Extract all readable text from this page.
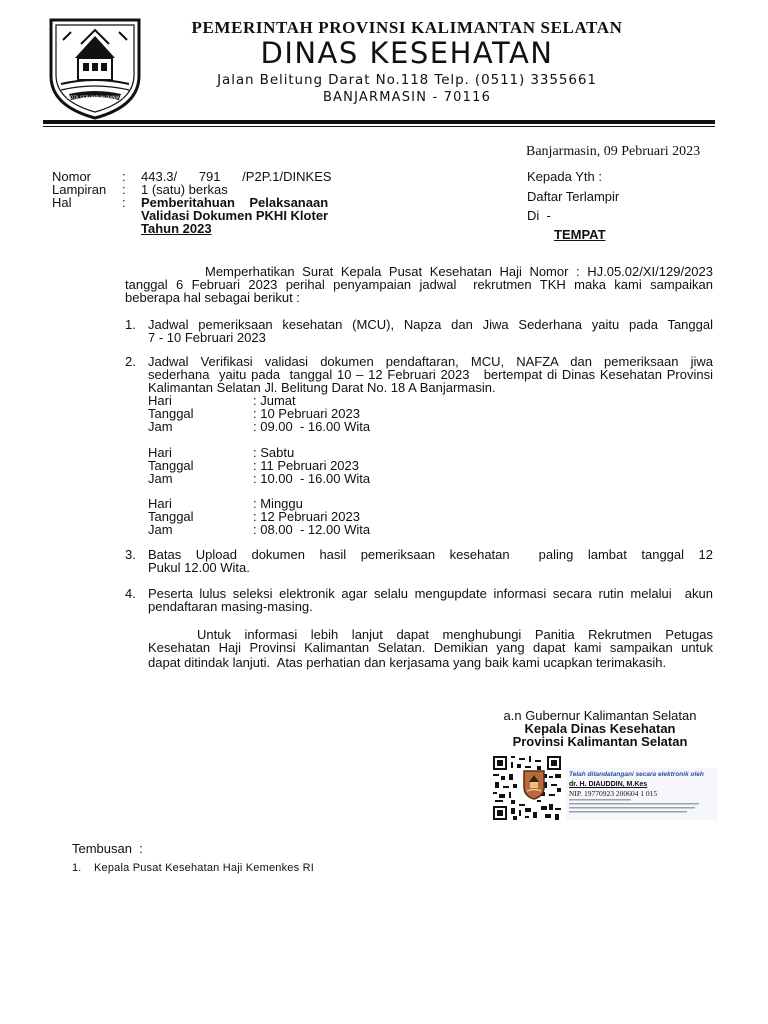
KOTA SERUMPUN BANJAR
PEMERINTAH PROVINSI KALIMANTAN SELATAN
DINAS KESEHATAN
Jalan Belitung Darat No.118 Telp. (0511) 3355661
BANJARMASIN - 70116
Banjarmasin, 09 Pebruari 2023
Nomor : 443.3/      791      /P2P.1/DINKES
Lampiran : 1 (satu) berkas
Hal	: Pemberitahuan    Pelaksanaan
Validasi Dokumen PKHI Kloter
Tahun 2023
Kepada Yth :
Daftar Terlampir
Di  -
TEMPAT
Memperhatikan Surat Kepala Pusat Kesehatan Haji Nomor : HJ.05.02/XI/129/2023
tanggal 6 Februari 2023 perihal penyampaian jadwal  rekrutmen TKH maka kami sampaikan
beberapa hal sebagai berikut :
1. Jadwal pemeriksaan kesehatan (MCU), Napza dan Jiwa Sederhana yaitu pada Tanggal
7 - 10 Februari 2023
2. Jadwal Verifikasi validasi dokumen pendaftaran, MCU, NAFZA dan pemeriksaan jiwa
sederhana  yaitu pada  tanggal 10 – 12 Februari 2023   bertempat di Dinas Kesehatan Provinsi
Kalimantan Selatan Jl. Belitung Darat No. 18 A Banjarmasin.
Hari	: Jumat
Tanggal	: 10 Pebruari 2023
Jam	: 09.00  - 16.00 Wita
Hari	: Sabtu
Tanggal	: 11 Pebruari 2023
Jam	: 10.00  - 16.00 Wita
Hari	: Minggu
Tanggal	: 12 Pebruari 2023
Jam	: 08.00  - 12.00 Wita
3. Batas  Upload  dokumen  hasil  pemeriksaan  kesehatan    paling  lambat  tanggal  12
Pukul 12.00 Wita.
4. Peserta lulus seleksi elektronik agar selalu mengupdate informasi secara rutin melalui  akun
pendaftaran masing-masing.
Untuk  informasi  lebih  lanjut  dapat  menghubungi  Panitia  Rekrutmen  Petugas
Kesehatan Haji Provinsi Kalimantan Selatan. Demikian yang dapat kami sampaikan untuk
dapat ditindak lanjuti.  Atas perhatian dan kerjasama yang baik kami ucapkan terimakasih.
a.n Gubernur Kalimantan Selatan
Kepala Dinas Kesehatan
Provinsi Kalimantan Selatan
Telah ditandatangani secara elektronik oleh
dr. H. DIAUDDIN, M.Kes
NIP. 19770923 200604 1 015
Tembusan  :
1. Kepala Pusat Kesehatan Haji Kemenkes RI
